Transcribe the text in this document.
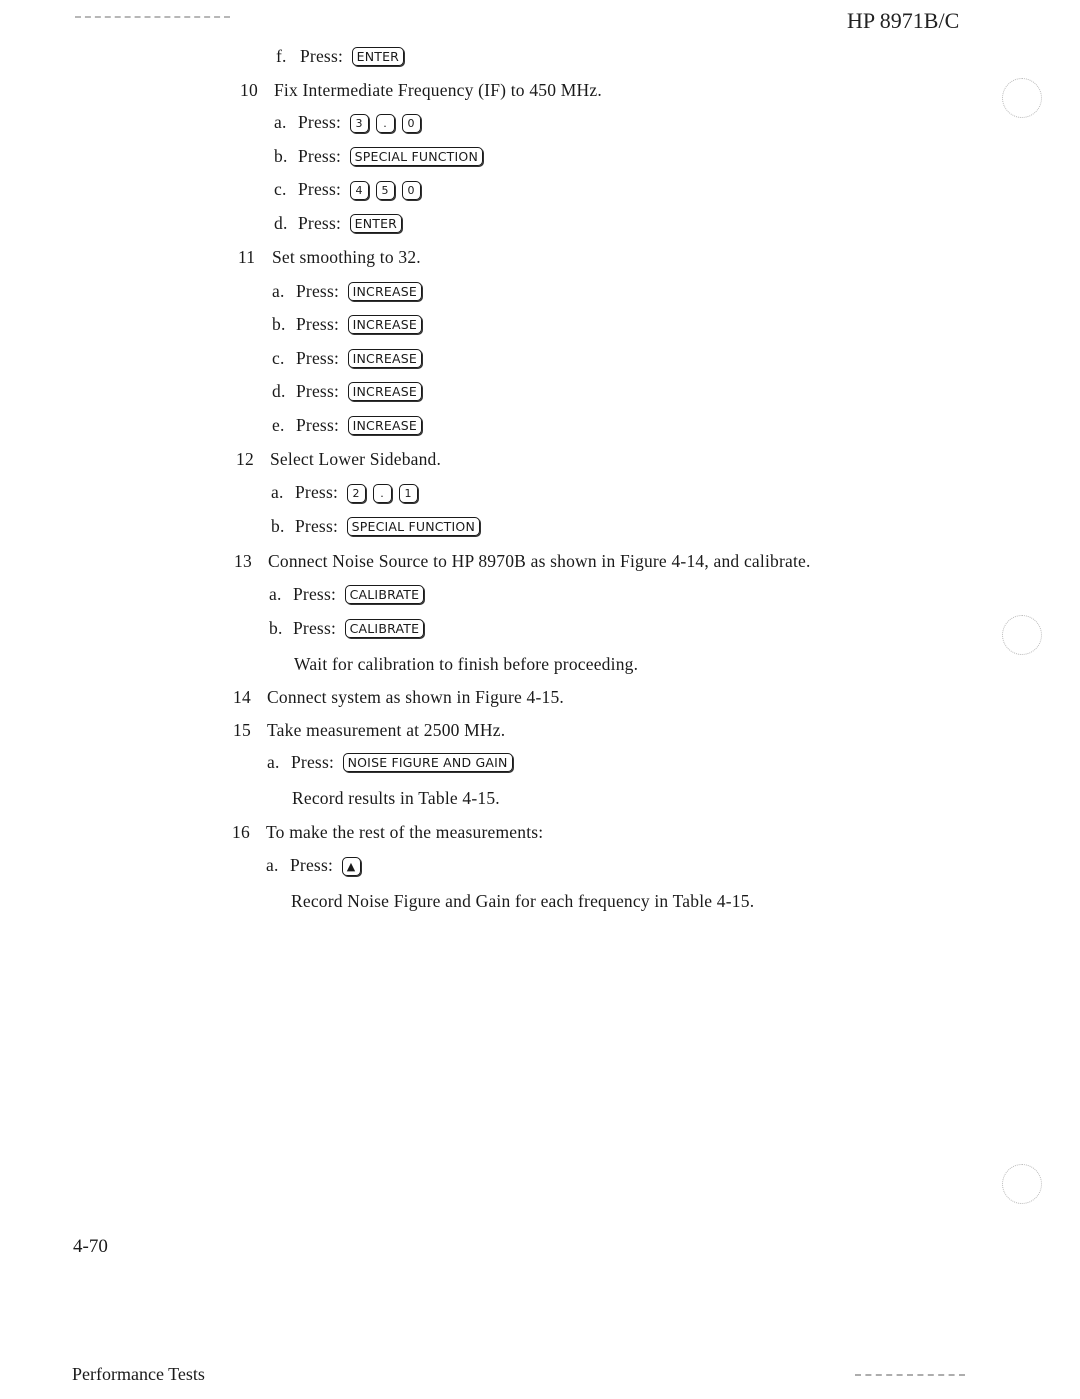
HP 8971B/C
f. Press: ENTER
10 Fix Intermediate Frequency (IF) to 450 MHz.
a. Press: 3 . 0
b. Press: SPECIAL FUNCTION
c. Press: 4 5 0
d. Press: ENTER
11 Set smoothing to 32.
a. Press: INCREASE
b. Press: INCREASE
c. Press: INCREASE
d. Press: INCREASE
e. Press: INCREASE
12 Select Lower Sideband.
a. Press: 2 . 1
b. Press: SPECIAL FUNCTION
13 Connect Noise Source to HP 8970B as shown in Figure 4-14, and calibrate.
a. Press: CALIBRATE
b. Press: CALIBRATE
Wait for calibration to finish before proceeding.
14 Connect system as shown in Figure 4-15.
15 Take measurement at 2500 MHz.
a. Press: NOISE FIGURE AND GAIN
Record results in Table 4-15.
16 To make the rest of the measurements:
a. Press: ▲
Record Noise Figure and Gain for each frequency in Table 4-15.
4-70
Performance Tests
